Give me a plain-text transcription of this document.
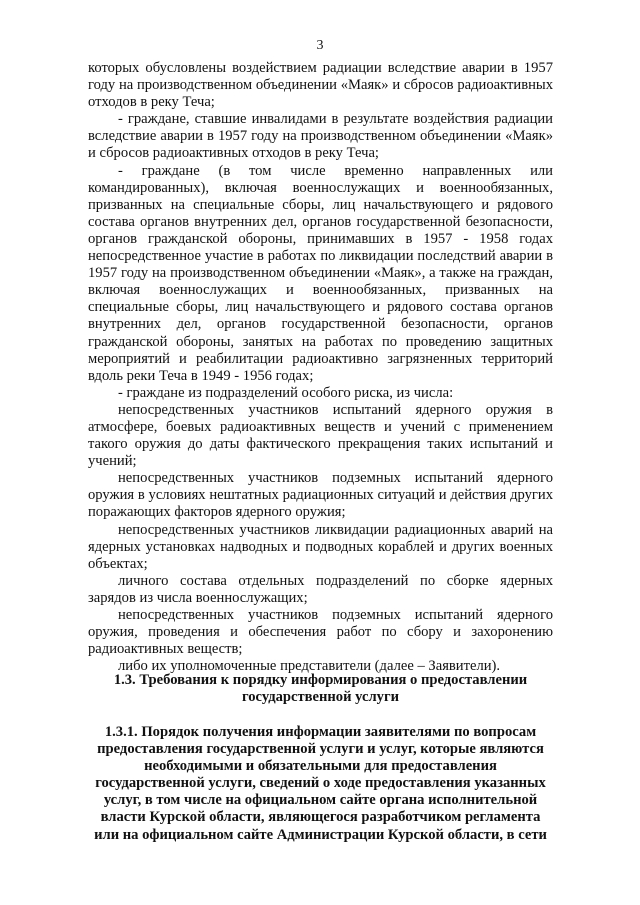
3

которых обусловлены воздействием радиации вследствие аварии в 1957 году на производственном объединении «Маяк» и сбросов радиоактивных отходов в реку Теча;

- граждане, ставшие инвалидами в результате воздействия радиации вследствие аварии в 1957 году на производственном объединении «Маяк» и сбросов радиоактивных отходов в реку Теча;

- граждане (в том числе временно направленных или командированных), включая военнослужащих и военнообязанных, призванных на специальные сборы, лиц начальствующего и рядового состава органов внутренних дел, органов государственной безопасности, органов гражданской обороны, принимавших в 1957 - 1958 годах непосредственное участие в работах по ликвидации последствий аварии в 1957 году на производственном объединении «Маяк», а также на граждан, включая военнослужащих и военнообязанных, призванных на специальные сборы, лиц начальствующего и рядового состава органов внутренних дел, органов государственной безопасности, органов гражданской обороны, занятых на работах по проведению защитных мероприятий и реабилитации радиоактивно загрязненных территорий вдоль реки Теча в 1949 - 1956 годах;

- граждане из подразделений особого риска, из числа:

непосредственных участников испытаний ядерного оружия в атмосфере, боевых радиоактивных веществ и учений с применением такого оружия до даты фактического прекращения таких испытаний и учений;

непосредственных участников подземных испытаний ядерного оружия в условиях нештатных радиационных ситуаций и действия других поражающих факторов ядерного оружия;

непосредственных участников ликвидации радиационных аварий на ядерных установках надводных и подводных кораблей и других военных объектах;

личного состава отдельных подразделений по сборке ядерных зарядов из числа военнослужащих;

непосредственных участников подземных испытаний ядерного оружия, проведения и обеспечения работ по сбору и захоронению радиоактивных веществ;

либо их уполномоченные представители (далее – Заявители).

1.3. Требования к порядку информирования о предоставлении государственной услуги

1.3.1. Порядок получения информации заявителями по вопросам предоставления государственной услуги и услуг, которые являются необходимыми и обязательными для предоставления государственной услуги, сведений о ходе предоставления указанных услуг, в том числе на официальном сайте органа исполнительной власти Курской области, являющегося разработчиком регламента или на официальном сайте Администрации Курской области, в сети
